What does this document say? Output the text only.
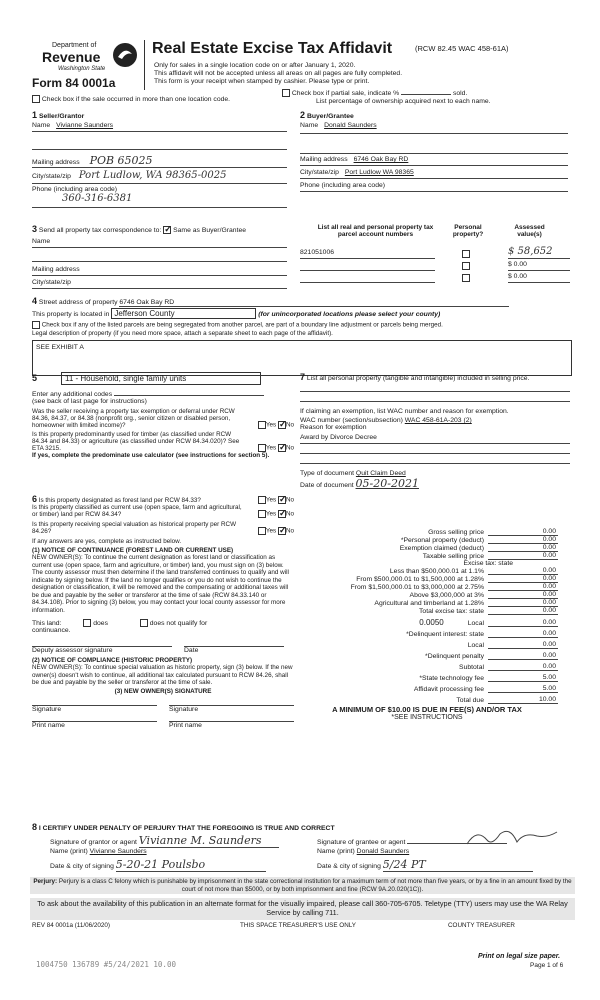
Department of
Revenue
Washington State
Form 84 0001a
Real Estate Excise Tax Affidavit	(RCW 82.45 WAC 458-61A)
Only for sales in a single location code on or after January 1, 2020.
This affidavit will not be accepted unless all areas on all pages are fully completed.
This form is your receipt when stamped by cashier. Please type or print.
Check box if the sale occurred in more than one location code.
Check box if partial sale, indicate %	sold.
List percentage of ownership acquired next to each name.
1 Seller/Grantor
Name Vivianne Saunders
Mailing address POB 65025
City/state/zip Port Ludlow, WA 98365-0025
Phone (including area code)
360-316-6381
2 Buyer/Grantee
Name Donald Saunders
Mailing address 6746 Oak Bay RD
City/state/zip Port Ludlow WA 98365
Phone (including area code)
3 Send all property tax correspondence to: ✓ Same as Buyer/Grantee
Name
Mailing address
City/state/zip
List all real and personal property tax parcel account numbers
Personal property?
Assessed value(s)
821051006	$ 58,652
$ 0.00
$ 0.00
4 Street address of property 6746 Oak Bay RD
This property is located in Jefferson County	(for unincorporated locations please select your county)
Check box if any of the listed parcels are being segregated from another parcel, are part of a boundary line adjustment or parcels being merged.
Legal description of property (if you need more space, attach a separate sheet to each page of the affidavit).
SEE EXHIBIT A
5	11 - Household, single family units
Enter any additional codes
(see back of last page for instructions)
Was the seller receiving a property tax exemption or deferral under RCW 84.36, 84.37, or 84.38 (nonprofit org., senior citizen or disabled person, homeowner with limited income)?	Yes ✓ No
Is this property predominantly used for timber (as classified under RCW 84.34 and 84.33) or agriculture (as classified under RCW 84.34.020)? See ETA 3215.	Yes ✓ No
If yes, complete the predominate use calculator (see instructions for section 5).
6 Is this property designated as forest land per RCW 84.33?	Yes ✓ No
Is this property classified as current use (open space, farm and agricultural, or timber) land per RCW 84.34?	Yes ✓ No
Is this property receiving special valuation as historical property per RCW 84.26?	Yes ✓ No
If any answers are yes, complete as instructed below.
(1) NOTICE OF CONTINUANCE (FOREST LAND OR CURRENT USE)
NEW OWNER(S): To continue the current designation as forest land or classification as current use (open space, farm and agriculture, or timber) land, you must sign on (3) below. The county assessor must then determine if the land transferred continues to qualify and will indicate by signing below. If the land no longer qualifies or you do not wish to continue the designation or classification, it will be removed and the compensating or additional taxes will be due and payable by the seller or transferor at the time of sale (RCW 84.33.140 or 84.34.108). Prior to signing (3) below, you may contact your local county assessor for more information.
This land:	does	does not qualify for
continuance.
Deputy assessor signature	Date
(2) NOTICE OF COMPLIANCE (HISTORIC PROPERTY)
NEW OWNER(S): To continue special valuation as historic property, sign (3) below. If the new owner(s) doesn't wish to continue, all additional tax calculated pursuant to RCW 84.26, shall be due and payable by the seller or transferor at the time of sale.
(3) NEW OWNER(S) SIGNATURE
Signature	Signature
Print name	Print name
7 List all personal property (tangible and intangible) included in selling price.
If claiming an exemption, list WAC number and reason for exemption.
WAC number (section/subsection) WAC 458-61A-203 (2)
Reason for exemption
Award by Divorce Decree
Type of document Quit Claim Deed
Date of document 05-20-2021
Gross selling price	0.00
*Personal property (deduct)	0.00
Exemption claimed (deduct)	0.00
Taxable selling price	0.00
Excise tax: state
Less than $500,000.01 at 1.1%	0.00
From $500,000.01 to $1,500,000 at 1.28%	0.00
From $1,500,000.01 to $3,000,000 at 2.75%	0.00
Above $3,000,000 at 3%	0.00
Agricultural and timberland at 1.28%	0.00
Total excise tax: state	0.00
0.0050	Local	0.00
*Delinquent interest: state	0.00
Local	0.00
*Delinquent penalty	0.00
Subtotal	0.00
*State technology fee	5.00
Affidavit processing fee	5.00
Total due	10.00
A MINIMUM OF $10.00 IS DUE IN FEE(S) AND/OR TAX
*SEE INSTRUCTIONS
8 I CERTIFY UNDER PENALTY OF PERJURY THAT THE FOREGOING IS TRUE AND CORRECT
Signature of grantor or agent Vivianne M. Saunders
Name (print) Vivianne Saunders
Date & city of signing 5-20-21 Poulsbo
Signature of grantee or agent
Name (print) Donald Saunders
Date & city of signing 5/24 PT
Perjury: Perjury is a class C felony which is punishable by imprisonment in the state correctional institution for a maximum term of not more than five years, or by a fine in an amount fixed by the court of not more than $5000, or by both imprisonment and fine (RCW 9A.20.020(1C)).
To ask about the availability of this publication in an alternate format for the visually impaired, please call 360-705-6705. Teletype (TTY) users may use the WA Relay Service by calling 711.
REV 84 0001a (11/06/2020)	THIS SPACE TREASURER'S USE ONLY	COUNTY TREASURER
1004750 136789 #5/24/2021 10.00
Print on legal size paper.
Page 1 of 6
